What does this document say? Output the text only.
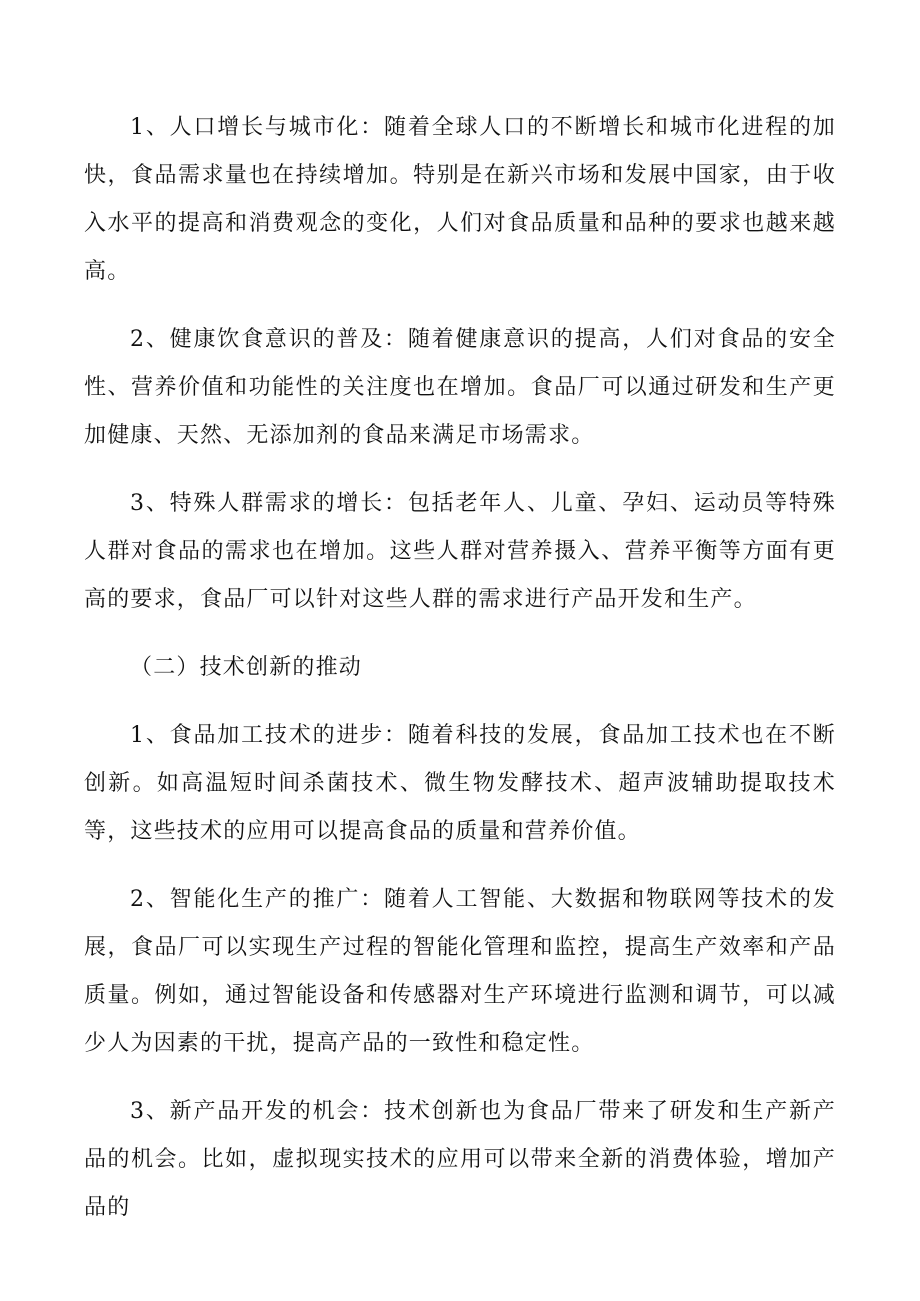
1、人口增长与城市化：随着全球人口的不断增长和城市化进程的加快，食品需求量也在持续增加。特别是在新兴市场和发展中国家，由于收入水平的提高和消费观念的变化，人们对食品质量和品种的要求也越来越高。

2、健康饮食意识的普及：随着健康意识的提高，人们对食品的安全性、营养价值和功能性的关注度也在增加。食品厂可以通过研发和生产更加健康、天然、无添加剂的食品来满足市场需求。

3、特殊人群需求的增长：包括老年人、儿童、孕妇、运动员等特殊人群对食品的需求也在增加。这些人群对营养摄入、营养平衡等方面有更高的要求，食品厂可以针对这些人群的需求进行产品开发和生产。

（二）技术创新的推动

1、食品加工技术的进步：随着科技的发展，食品加工技术也在不断创新。如高温短时间杀菌技术、微生物发酵技术、超声波辅助提取技术等，这些技术的应用可以提高食品的质量和营养价值。

2、智能化生产的推广：随着人工智能、大数据和物联网等技术的发展，食品厂可以实现生产过程的智能化管理和监控，提高生产效率和产品质量。例如，通过智能设备和传感器对生产环境进行监测和调节，可以减少人为因素的干扰，提高产品的一致性和稳定性。

3、新产品开发的机会：技术创新也为食品厂带来了研发和生产新产品的机会。比如，虚拟现实技术的应用可以带来全新的消费体验，增加产品的
